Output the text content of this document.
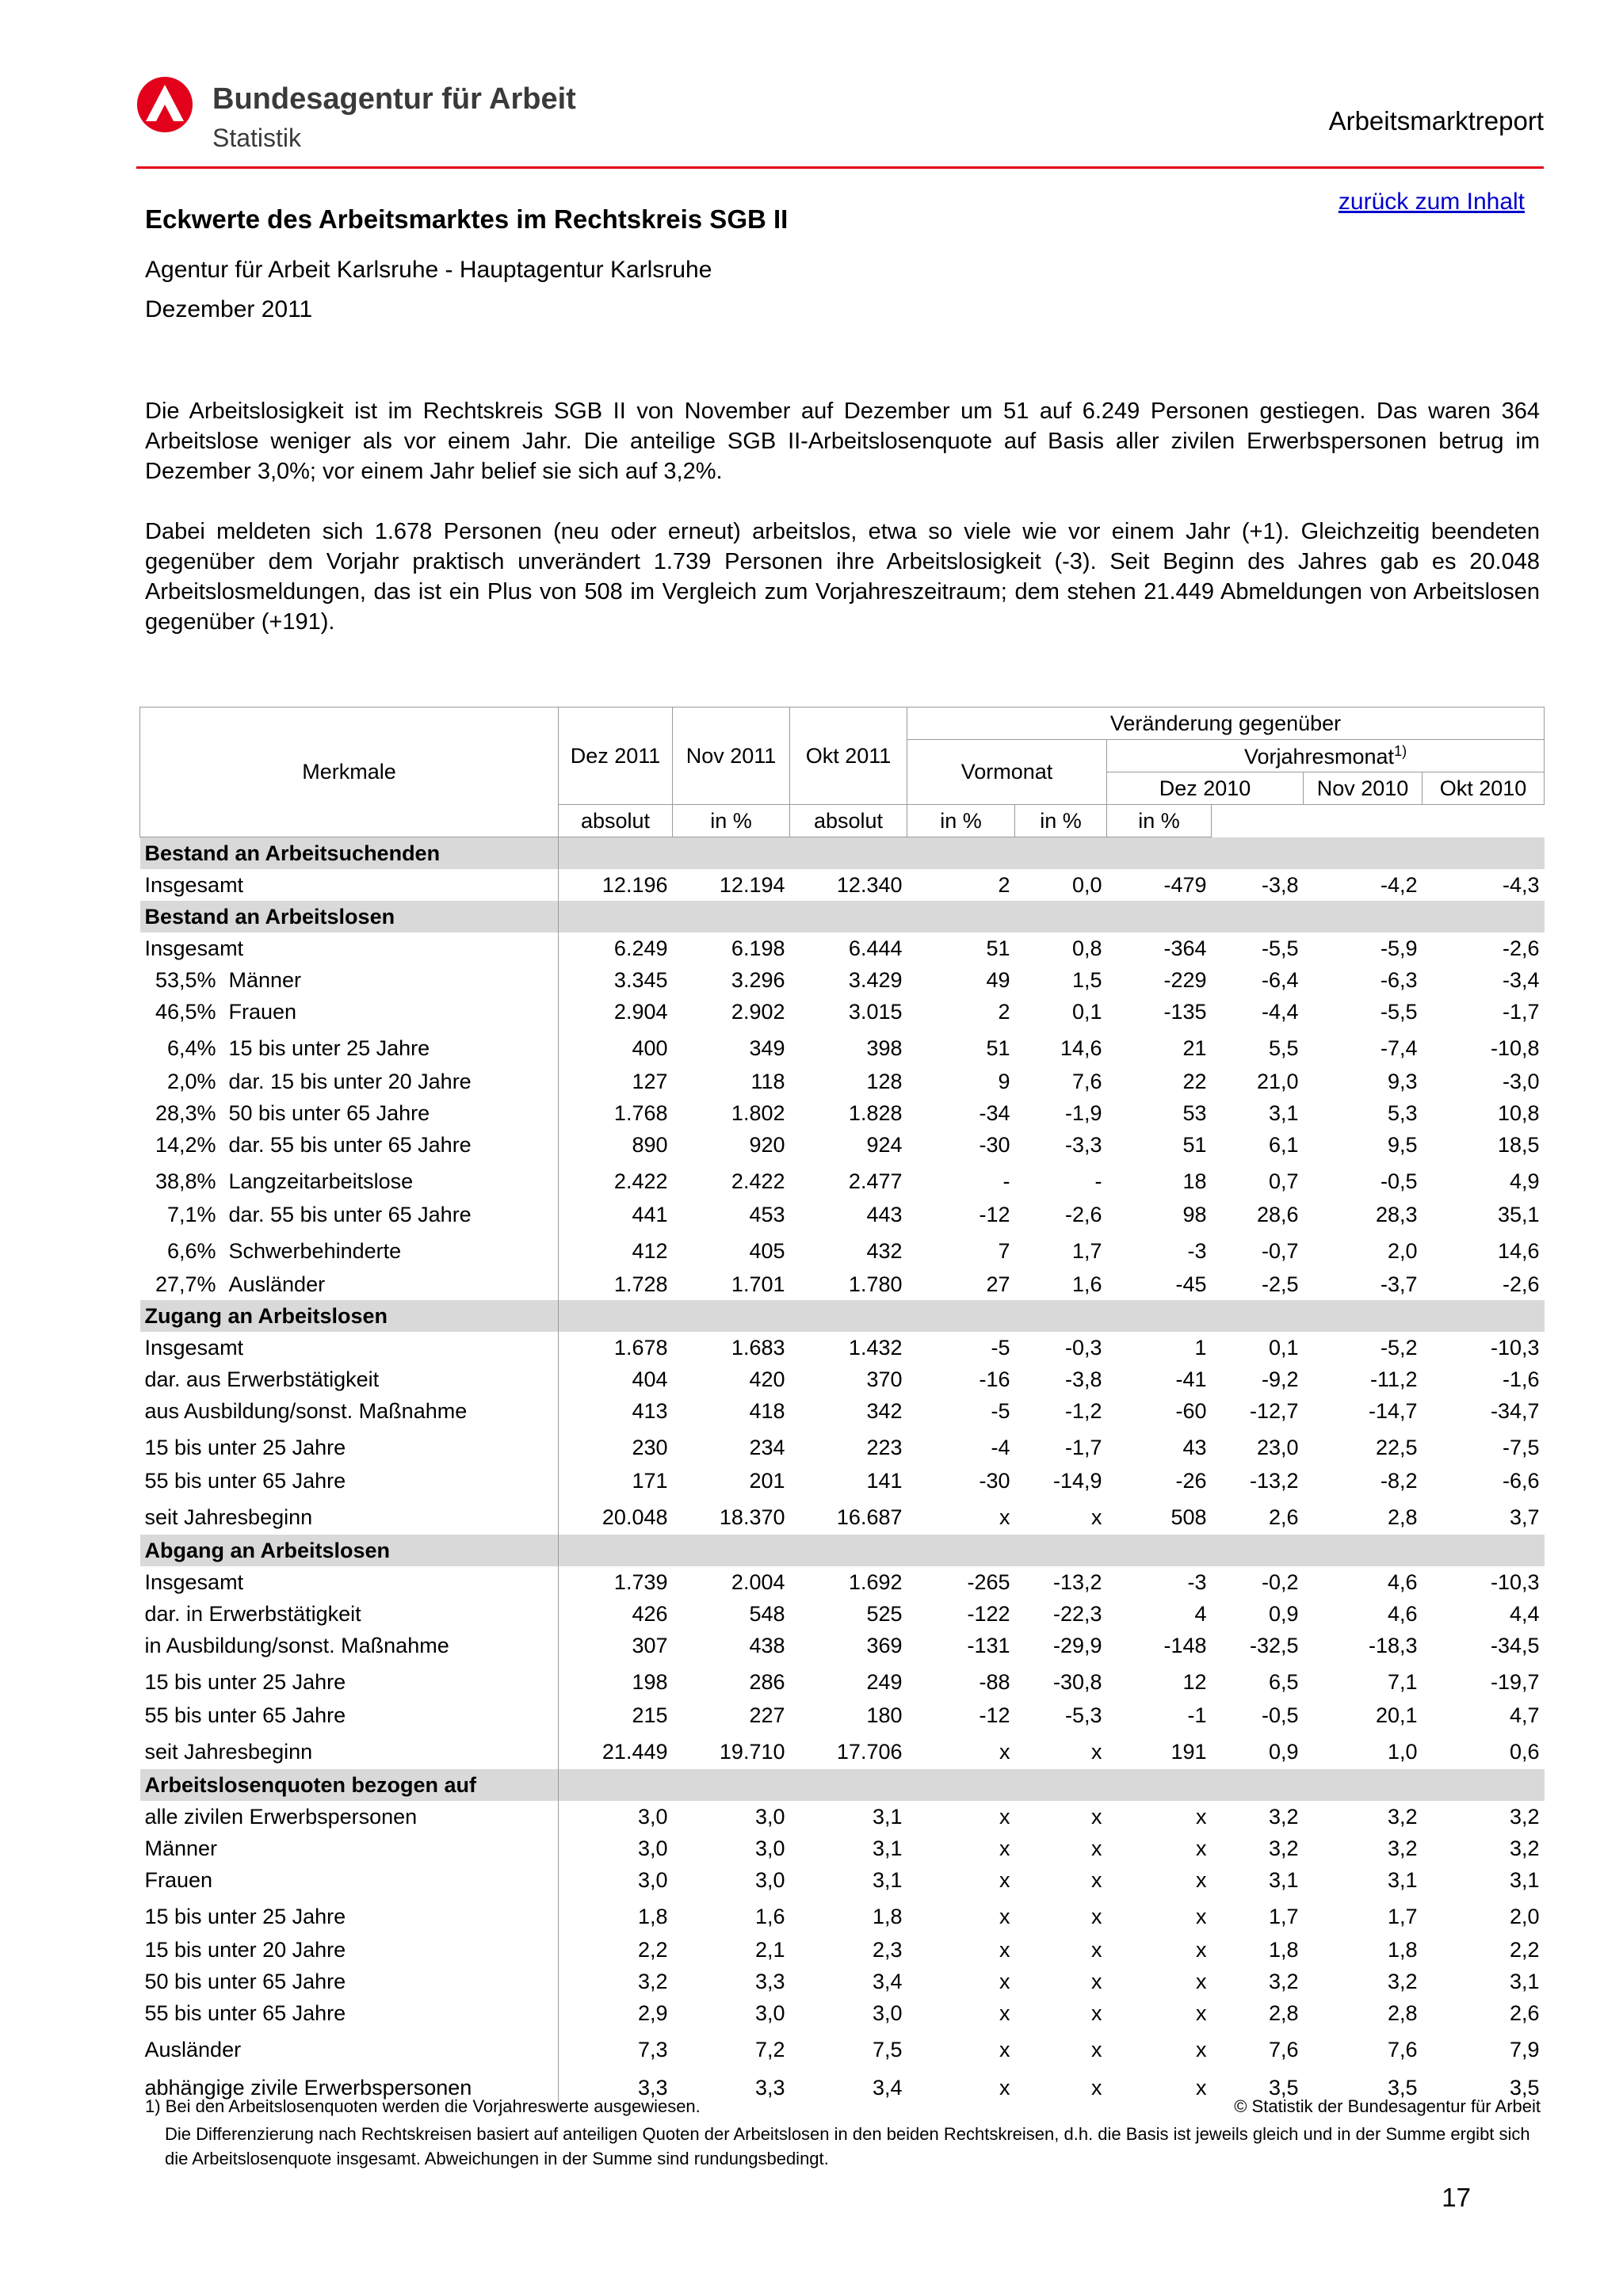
Bundesagentur für Arbeit
Statistik
Arbeitsmarktreport
zurück zum Inhalt
Eckwerte des Arbeitsmarktes im Rechtskreis SGB II
Agentur für Arbeit Karlsruhe - Hauptagentur Karlsruhe
Dezember 2011
Die Arbeitslosigkeit ist im Rechtskreis SGB II von November auf Dezember um 51 auf 6.249 Personen gestiegen. Das waren 364 Arbeitslose weniger als vor einem Jahr. Die anteilige SGB II-Arbeitslosenquote auf Basis aller zivilen Erwerbspersonen betrug im Dezember 3,0%; vor einem Jahr belief sie sich auf 3,2%.
Dabei meldeten sich 1.678 Personen (neu oder erneut) arbeitslos, etwa so viele wie vor einem Jahr (+1). Gleichzeitig beendeten gegenüber dem Vorjahr praktisch unverändert 1.739 Personen ihre Arbeitslosigkeit (-3). Seit Beginn des Jahres gab es 20.048 Arbeitslosmeldungen, das ist ein Plus von 508 im Vergleich zum Vorjahreszeitraum; dem stehen 21.449 Abmeldungen von Arbeitslosen gegenüber (+191).
Merkmale	Dez 2011	Nov 2011	Okt 2011	Veränderung gegenüber					
				Vormonat		Vorjahresmonat$^{1)}$
						Dez 2010		Nov 2010	Okt 2010
	absolut	in %	absolut	in %	in %	in %			
Bestand an Arbeitsuchenden									
Insgesamt	12.196	12.194	12.340	2	0,0	-479	-3,8	-4,2	-4,3
Bestand an Arbeitslosen									
Insgesamt	6.249	6.198	6.444	51	0,8	-364	-5,5	-5,9	-2,6
53,5% Männer	3.345	3.296	3.429	49	1,5	-229	-6,4	-6,3	-3,4
46,5% Frauen	2.904	2.902	3.015	2	0,1	-135	-4,4	-5,5	-1,7
6,4% 15 bis unter 25 Jahre	400	349	398	51	14,6	21	5,5	-7,4	-10,8
2,0% dar. 15 bis unter 20 Jahre	127	118	128	9	7,6	22	21,0	9,3	-3,0
28,3% 50 bis unter 65 Jahre	1.768	1.802	1.828	-34	-1,9	53	3,1	5,3	10,8
14,2% dar. 55 bis unter 65 Jahre	890	920	924	-30	-3,3	51	6,1	9,5	18,5
38,8% Langzeitarbeitslose	2.422	2.422	2.477	-	-	18	0,7	-0,5	4,9
7,1% dar. 55 bis unter 65 Jahre	441	453	443	-12	-2,6	98	28,6	28,3	35,1
6,6% Schwerbehinderte	412	405	432	7	1,7	-3	-0,7	2,0	14,6
27,7% Ausländer	1.728	1.701	1.780	27	1,6	-45	-2,5	-3,7	-2,6
Zugang an Arbeitslosen									
Insgesamt	1.678	1.683	1.432	-5	-0,3	1	0,1	-5,2	-10,3
dar. aus Erwerbstätigkeit	404	420	370	-16	-3,8	-41	-9,2	-11,2	-1,6
aus Ausbildung/sonst. Maßnahme	413	418	342	-5	-1,2	-60	-12,7	-14,7	-34,7
15 bis unter 25 Jahre	230	234	223	-4	-1,7	43	23,0	22,5	-7,5
55 bis unter 65 Jahre	171	201	141	-30	-14,9	-26	-13,2	-8,2	-6,6
seit Jahresbeginn	20.048	18.370	16.687	x	x	508	2,6	2,8	3,7
Abgang an Arbeitslosen									
Insgesamt	1.739	2.004	1.692	-265	-13,2	-3	-0,2	4,6	-10,3
dar. in Erwerbstätigkeit	426	548	525	-122	-22,3	4	0,9	4,6	4,4
in Ausbildung/sonst. Maßnahme	307	438	369	-131	-29,9	-148	-32,5	-18,3	-34,5
15 bis unter 25 Jahre	198	286	249	-88	-30,8	12	6,5	7,1	-19,7
55 bis unter 65 Jahre	215	227	180	-12	-5,3	-1	-0,5	20,1	4,7
seit Jahresbeginn	21.449	19.710	17.706	x	x	191	0,9	1,0	0,6
Arbeitslosenquoten bezogen auf									
alle zivilen Erwerbspersonen	3,0	3,0	3,1	x	x	x	3,2	3,2	3,2
Männer	3,0	3,0	3,1	x	x	x	3,2	3,2	3,2
Frauen	3,0	3,0	3,1	x	x	x	3,1	3,1	3,1
15 bis unter 25 Jahre	1,8	1,6	1,8	x	x	x	1,7	1,7	2,0
15 bis unter 20 Jahre	2,2	2,1	2,3	x	x	x	1,8	1,8	2,2
50 bis unter 65 Jahre	3,2	3,3	3,4	x	x	x	3,2	3,2	3,1
55 bis unter 65 Jahre	2,9	3,0	3,0	x	x	x	2,8	2,8	2,6
Ausländer	7,3	7,2	7,5	x	x	x	7,6	7,6	7,9
abhängige zivile Erwerbspersonen	3,3	3,3	3,4	x	x	x	3,5	3,5	3,5
1) Bei den Arbeitslosenquoten werden die Vorjahreswerte ausgewiesen.	© Statistik der Bundesagentur für Arbeit
Die Differenzierung nach Rechtskreisen basiert auf anteiligen Quoten der Arbeitslosen in den beiden Rechtskreisen, d.h. die Basis ist jeweils gleich und in der Summe ergibt sich die Arbeitslosenquote insgesamt. Abweichungen in der Summe sind rundungsbedingt.
17
